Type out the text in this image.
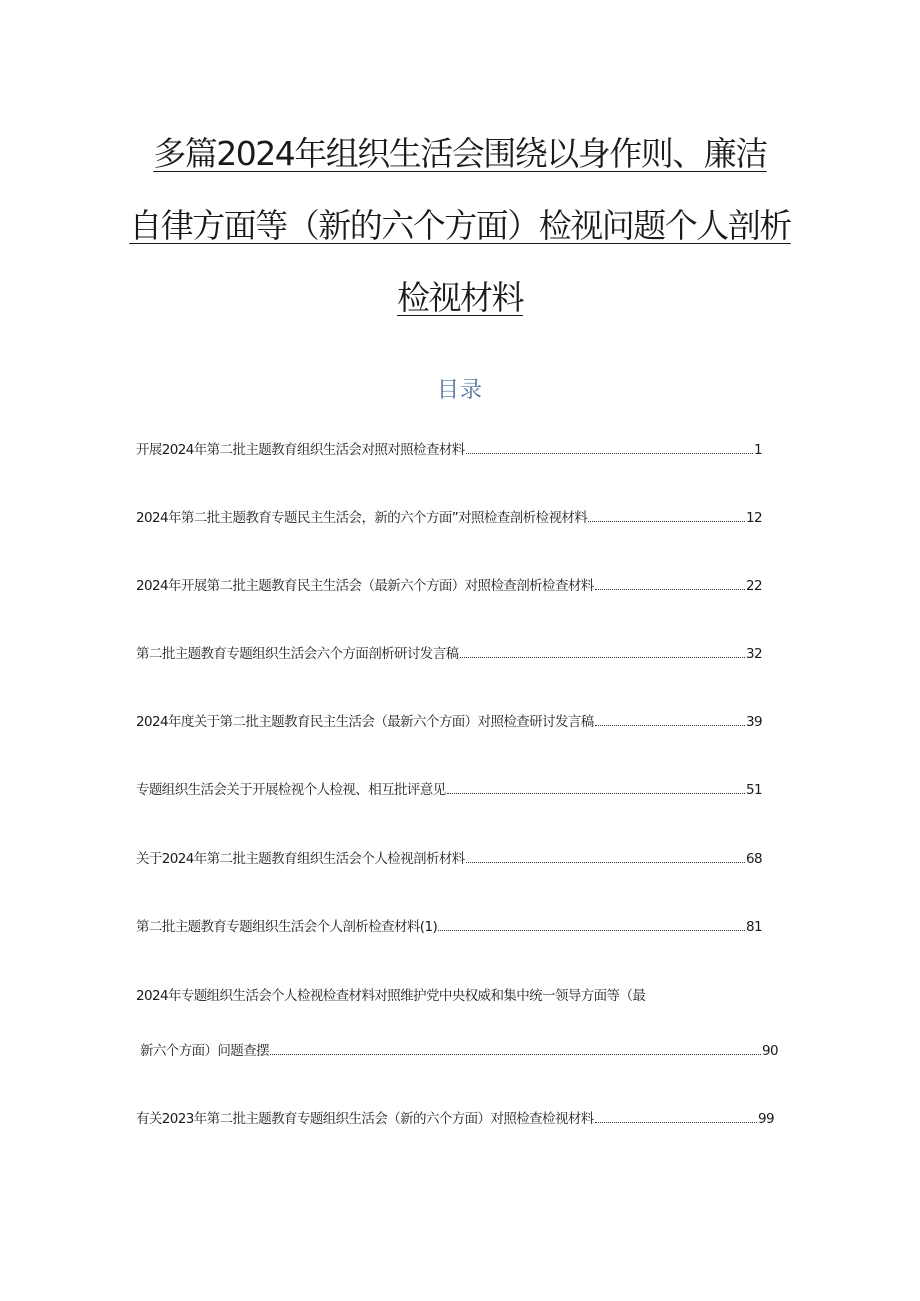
多篇2024年组织生活会围绕以身作则、廉洁
自律方面等（新的六个方面）检视问题个人剖析
检视材料
目录
开展2024年第二批主题教育组织生活会对照对照检查材料	1
2024年第二批主题教育专题民主生活会，新的六个方面”对照检查剖析检视材料	12
2024年开展第二批主题教育民主生活会（最新六个方面）对照检查剖析检查材料	22
第二批主题教育专题组织生活会六个方面剖析研讨发言稿	32
2024年度关于第二批主题教育民主生活会（最新六个方面）对照检查研讨发言稿	39
专题组织生活会关于开展检视个人检视、相互批评意见	51
关于2024年第二批主题教育组织生活会个人检视剖析材料	68
第二批主题教育专题组织生活会个人剖析检查材料(1)	81
2024年专题组织生活会个人检视检查材料对照维护党中央权威和集中统一领导方面等（最
新六个方面）问题查摆	90
有关2023年第二批主题教育专题组织生活会（新的六个方面）对照检查检视材料	99
